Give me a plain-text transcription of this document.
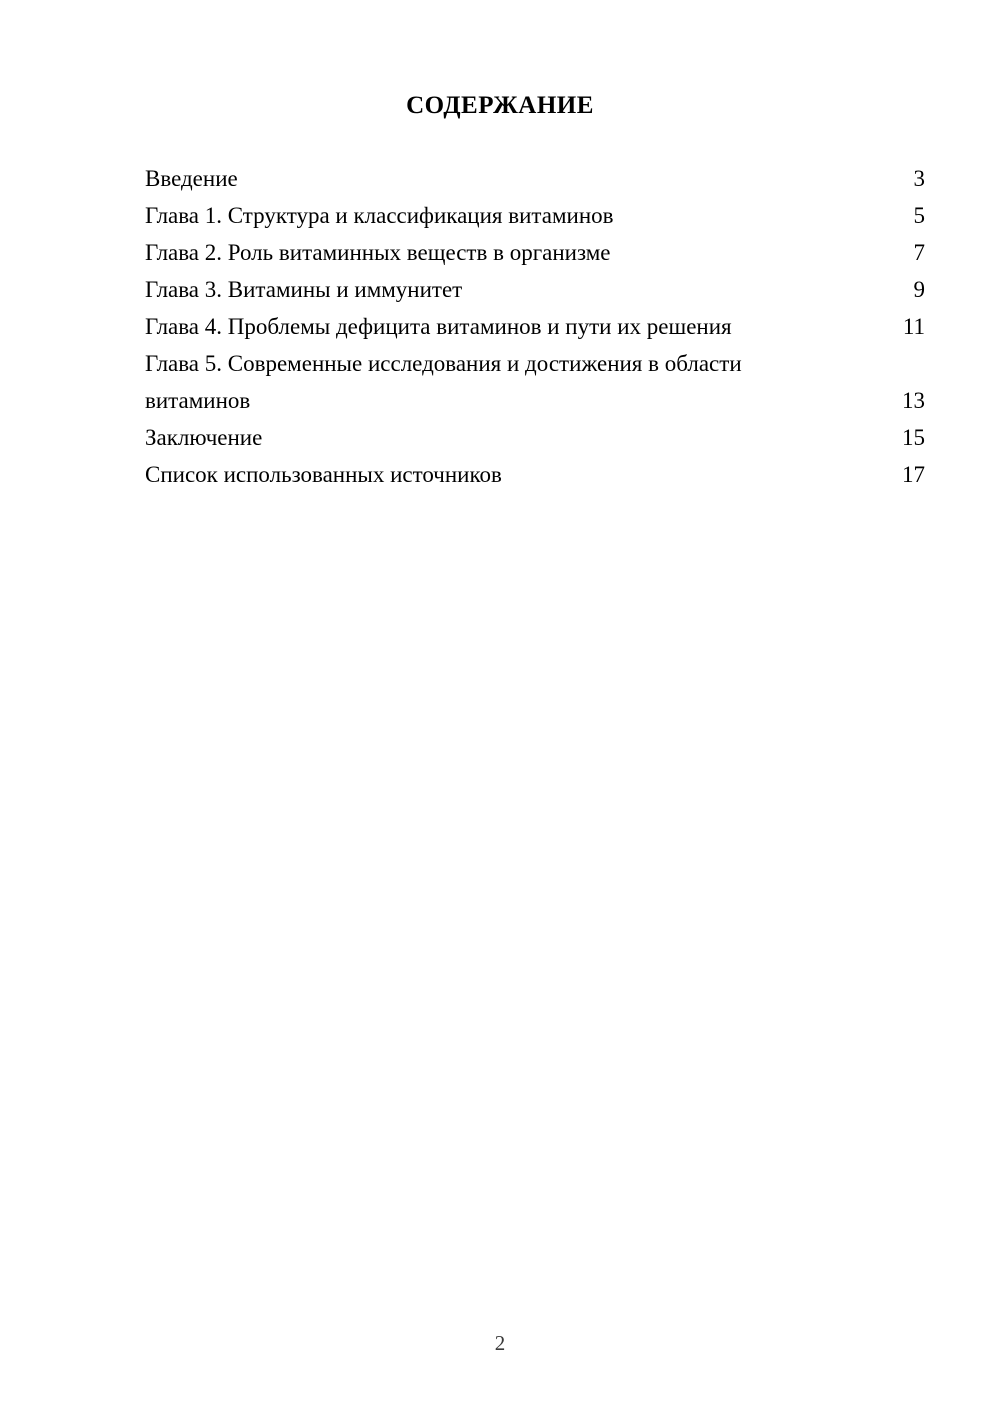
СОДЕРЖАНИЕ
Введение	3
Глава 1. Структура и классификация витаминов	5
Глава 2. Роль витаминных веществ в организме	7
Глава 3. Витамины и иммунитет	9
Глава 4. Проблемы дефицита витаминов и пути их решения	11
Глава 5. Современные исследования и достижения в области витаминов	13
Заключение	15
Список использованных источников	17
2
